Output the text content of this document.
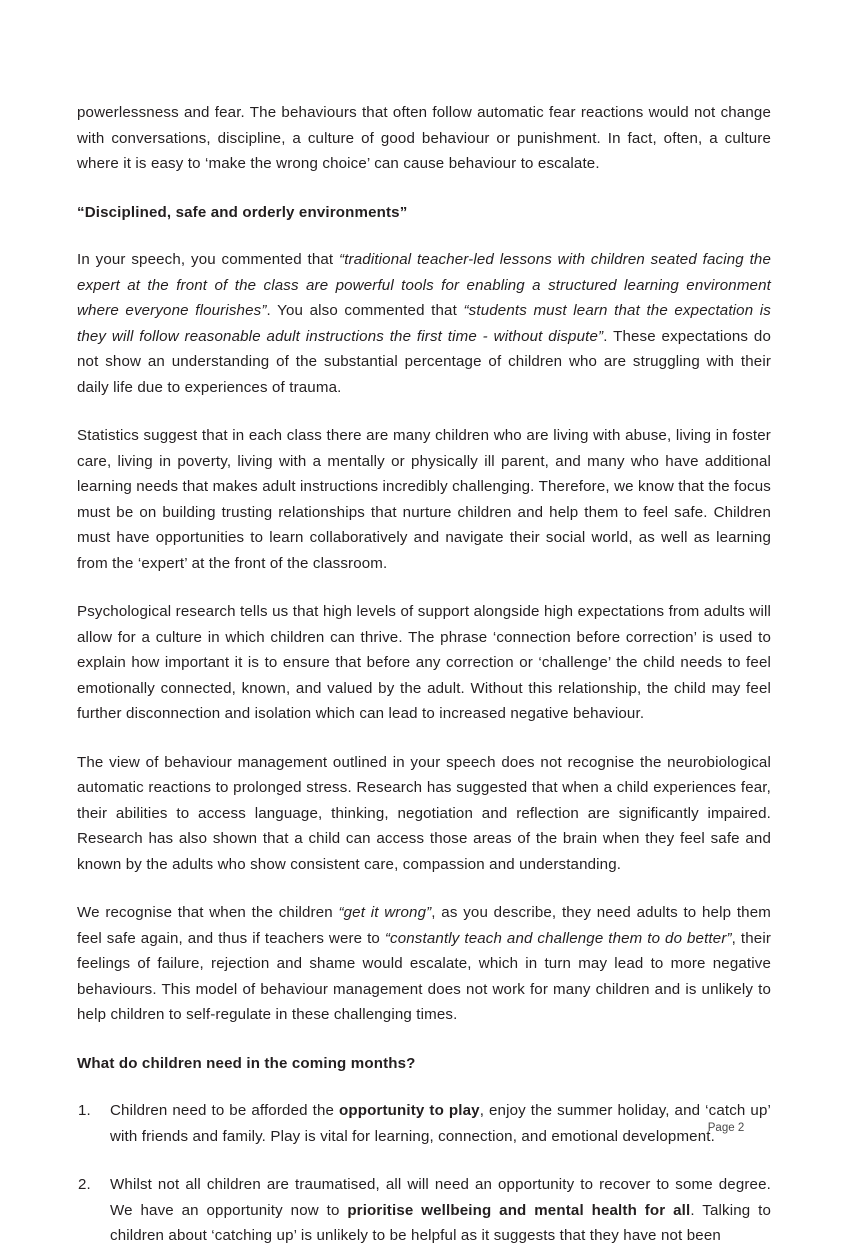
powerlessness and fear. The behaviours that often follow automatic fear reactions would not change with conversations, discipline, a culture of good behaviour or punishment. In fact, often, a culture where it is easy to ‘make the wrong choice’ can cause behaviour to escalate.

“Disciplined, safe and orderly environments”

In your speech, you commented that “traditional teacher-led lessons with children seated facing the expert at the front of the class are powerful tools for enabling a structured learning environment where everyone flourishes”. You also commented that “students must learn that the expectation is they will follow reasonable adult instructions the first time - without dispute”. These expectations do not show an understanding of the substantial percentage of children who are struggling with their daily life due to experiences of trauma.

Statistics suggest that in each class there are many children who are living with abuse, living in foster care, living in poverty, living with a mentally or physically ill parent, and many who have additional learning needs that makes adult instructions incredibly challenging. Therefore, we know that the focus must be on building trusting relationships that nurture children and help them to feel safe. Children must have opportunities to learn collaboratively and navigate their social world, as well as learning from the ‘expert’ at the front of the classroom.

Psychological research tells us that high levels of support alongside high expectations from adults will allow for a culture in which children can thrive. The phrase ‘connection before correction’ is used to explain how important it is to ensure that before any correction or ‘challenge’ the child needs to feel emotionally connected, known, and valued by the adult. Without this relationship, the child may feel further disconnection and isolation which can lead to increased negative behaviour.

The view of behaviour management outlined in your speech does not recognise the neurobiological automatic reactions to prolonged stress. Research has suggested that when a child experiences fear, their abilities to access language, thinking, negotiation and reflection are significantly impaired. Research has also shown that a child can access those areas of the brain when they feel safe and known by the adults who show consistent care, compassion and understanding.

We recognise that when the children “get it wrong”, as you describe, they need adults to help them feel safe again, and thus if teachers were to “constantly teach and challenge them to do better”, their feelings of failure, rejection and shame would escalate, which in turn may lead to more negative behaviours. This model of behaviour management does not work for many children and is unlikely to help children to self-regulate in these challenging times.

What do children need in the coming months?
1.	Children need to be afforded the opportunity to play, enjoy the summer holiday, and ‘catch up’ with friends and family. Play is vital for learning, connection, and emotional development.
2.	Whilst not all children are traumatised, all will need an opportunity to recover to some degree. We have an opportunity now to prioritise wellbeing and mental health for all. Talking to children about ‘catching up’ is unlikely to be helpful as it suggests that they have not been
Page 2
